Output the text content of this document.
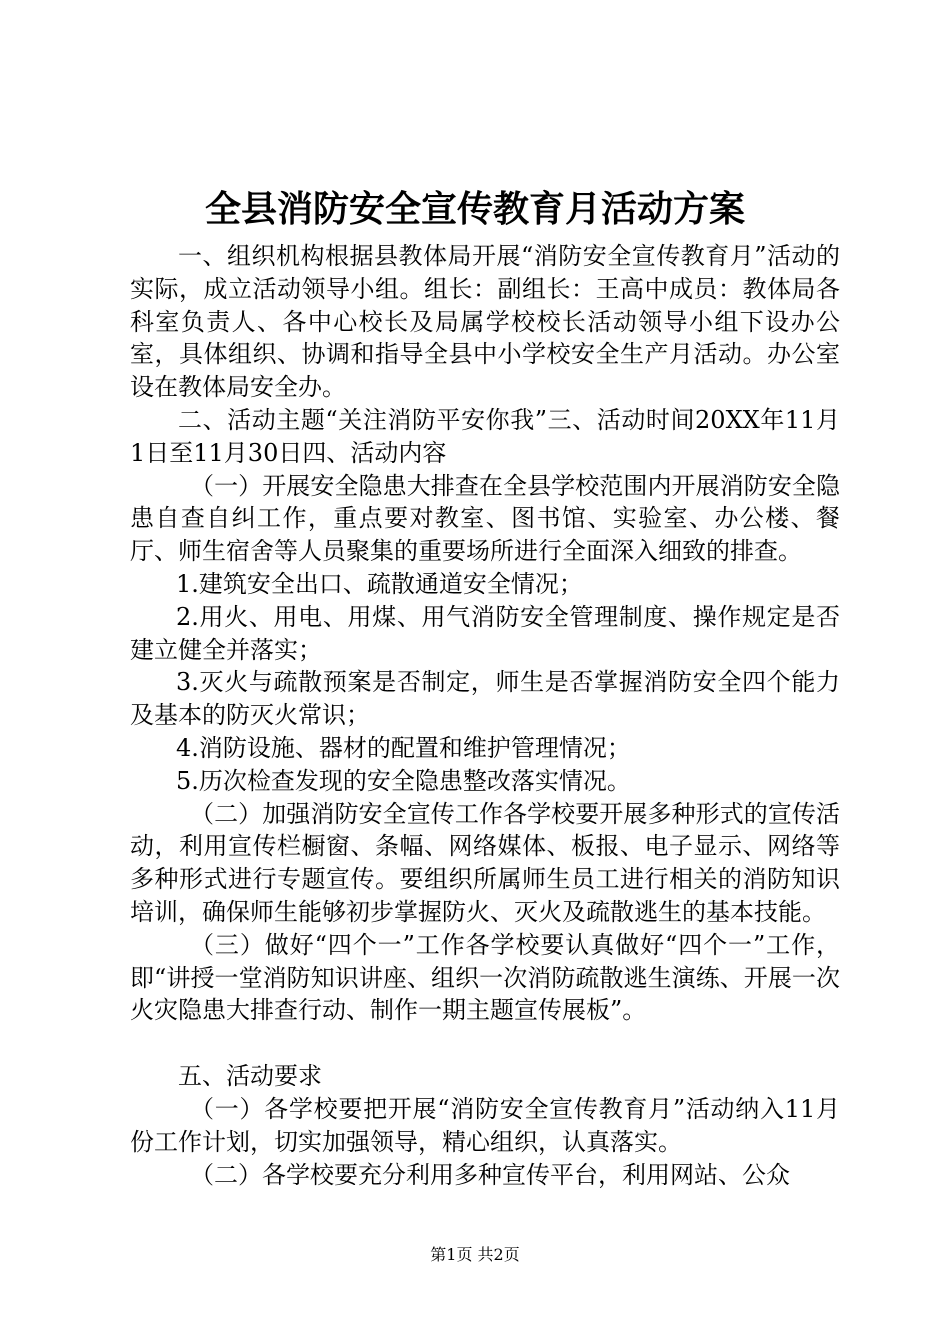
全县消防安全宣传教育月活动方案

一、组织机构根据县教体局开展“消防安全宣传教育月”活动的实际，成立活动领导小组。组长：副组长：王高中成员：教体局各科室负责人、各中心校长及局属学校校长活动领导小组下设办公室，具体组织、协调和指导全县中小学校安全生产月活动。办公室设在教体局安全办。

二、活动主题“关注消防平安你我”三、活动时间20XX年11月1日至11月30日四、活动内容

（一）开展安全隐患大排查在全县学校范围内开展消防安全隐患自查自纠工作，重点要对教室、图书馆、实验室、办公楼、餐厅、师生宿舍等人员聚集的重要场所进行全面深入细致的排查。

1.建筑安全出口、疏散通道安全情况；

2.用火、用电、用煤、用气消防安全管理制度、操作规定是否建立健全并落实；

3.灭火与疏散预案是否制定，师生是否掌握消防安全四个能力及基本的防灭火常识；

4.消防设施、器材的配置和维护管理情况；

5.历次检查发现的安全隐患整改落实情况。

（二）加强消防安全宣传工作各学校要开展多种形式的宣传活动，利用宣传栏橱窗、条幅、网络媒体、板报、电子显示、网络等多种形式进行专题宣传。要组织所属师生员工进行相关的消防知识培训，确保师生能够初步掌握防火、灭火及疏散逃生的基本技能。

（三）做好“四个一”工作各学校要认真做好“四个一”工作，即“讲授一堂消防知识讲座、组织一次消防疏散逃生演练、开展一次火灾隐患大排查行动、制作一期主题宣传展板”。

五、活动要求

（一）各学校要把开展“消防安全宣传教育月”活动纳入11月份工作计划，切实加强领导，精心组织，认真落实。

（二）各学校要充分利用多种宣传平台，利用网站、公众

第1页 共2页
